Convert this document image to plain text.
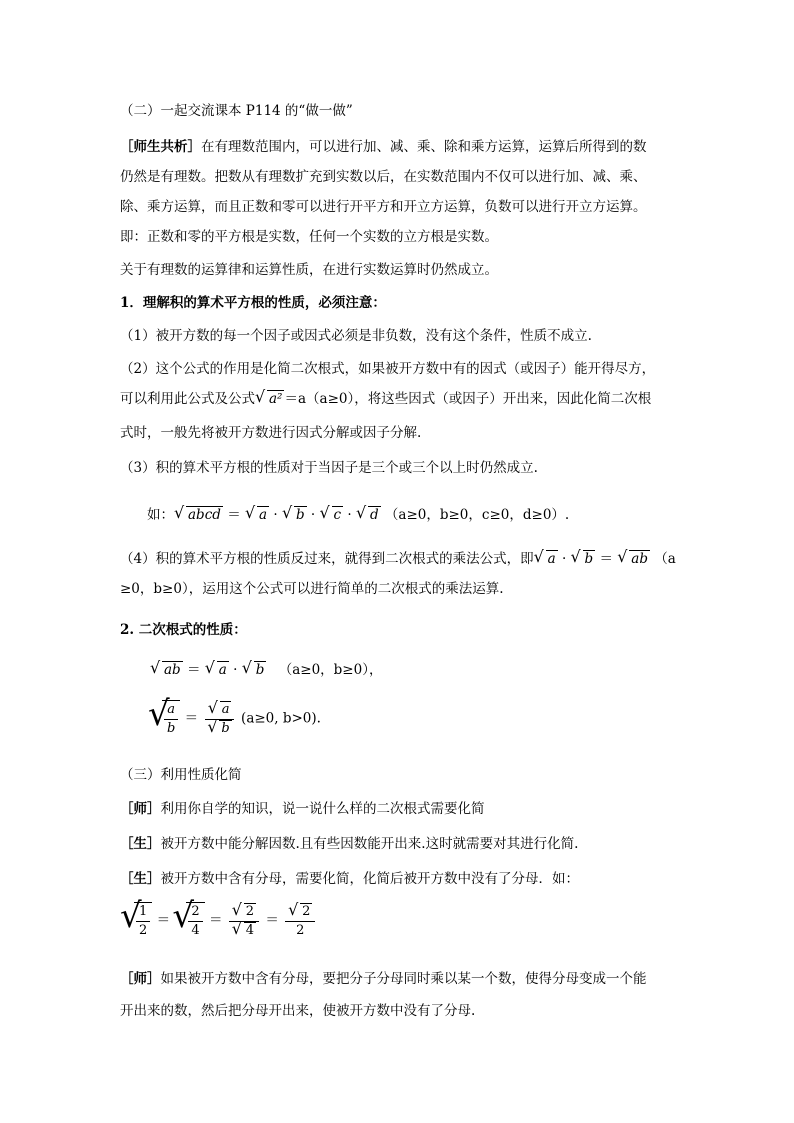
（二）一起交流课本 P114 的“做一做”
［师生共析］在有理数范围内，可以进行加、减、乘、除和乘方运算，运算后所得到的数
仍然是有理数。把数从有理数扩充到实数以后，在实数范围内不仅可以进行加、减、乘、
除、乘方运算，而且正数和零可以进行开平方和开立方运算，负数可以进行开立方运算。
即：正数和零的平方根是实数，任何一个实数的立方根是实数。
关于有理数的运算律和运算性质，在进行实数运算时仍然成立。
1．理解积的算术平方根的性质，必须注意：
（1）被开方数的每一个因子或因式必须是非负数，没有这个条件，性质不成立.
（2）这个公式的作用是化简二次根式，如果被开方数中有的因式（或因子）能开得尽方，
可以利用此公式及公式 √ a² ＝a（a≥0），将这些因式（或因子）开出来，因此化简二次根
式时，一般先将被开方数进行因式分解或因子分解.
（3）积的算术平方根的性质对于当因子是三个或三个以上时仍然成立.
如： √ abcd ＝ √ a · √ b · √ c · √ d （a≥0，b≥0，c≥0，d≥0）.
（4）积的算术平方根的性质反过来，就得到二次根式的乘法公式，即 √ a · √ b ＝ √ ab （a
≥0，b≥0），运用这个公式可以进行简单的二次根式的乘法运算.
2. 二次根式的性质：
√ ab ＝ √ a · √ b （a≥0，b≥0），
√ $\frac{a}{b}$ ＝ √ a
√ b (a≥0, b>0).
（三）利用性质化简
［师］利用你自学的知识，说一说什么样的二次根式需要化简
［生］被开方数中能分解因数.且有些因数能开出来.这时就需要对其进行化简.
［生］被开方数中含有分母，需要化简，化简后被开方数中没有了分母．如：
√ $\frac{1}{2}$ ＝ √ $\frac{2}{4}$ ＝ √ 2
√ 4 ＝ √ $\frac{2}{2}$
［师］如果被开方数中含有分母，要把分子分母同时乘以某一个数，使得分母变成一个能
开出来的数，然后把分母开出来，使被开方数中没有了分母.
